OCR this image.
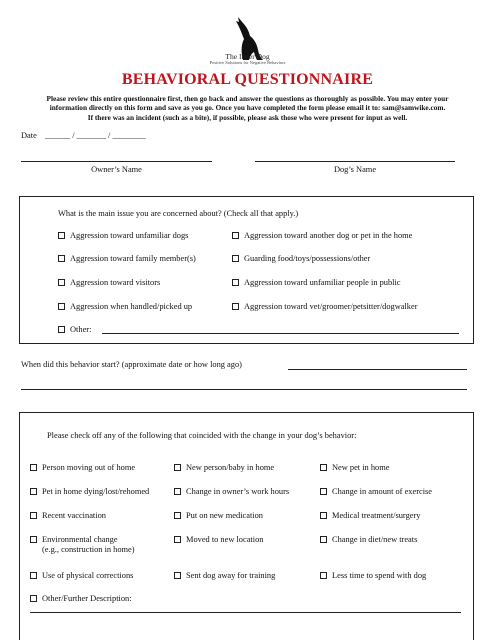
The Inner Dog
Positive Solutions for Negative Behaviors
BEHAVIORAL QUESTIONNAIRE
Please review this entire questionnaire first, then go back and answer the questions as thoroughly as possible. You may enter your
information directly on this form and save as you go. Once you have completed the form please email it to: sam@samwike.com.
If there was an incident (such as a bite), if possible, please ask those who were present for input as well.
Date ______ / _______ / ________
Owner’s Name	Dog’s Name
What is the main issue you are concerned about? (Check all that apply.)
Aggression toward unfamiliar dogs	Aggression toward another dog or pet in the home
Aggression toward family member(s)	Guarding food/toys/possessions/other
Aggression toward visitors	Aggression toward unfamiliar people in public
Aggression when handled/picked up	Aggression toward vet/groomer/petsitter/dogwalker
Other:
When did this behavior start? (approximate date or how long ago)
Please check off any of the following that coincided with the change in your dog’s behavior:
Person moving out of home	New person/baby in home	New pet in home
Pet in home dying/lost/rehomed	Change in owner’s work hours	Change in amount of exercise
Recent vaccination	Put on new medication	Medical treatment/surgery
Environmental change
(e.g., construction in home)
Moved to new location	Change in diet/new treats
Use of physical corrections	Sent dog away for training	Less time to spend with dog
Other/Further Description:
